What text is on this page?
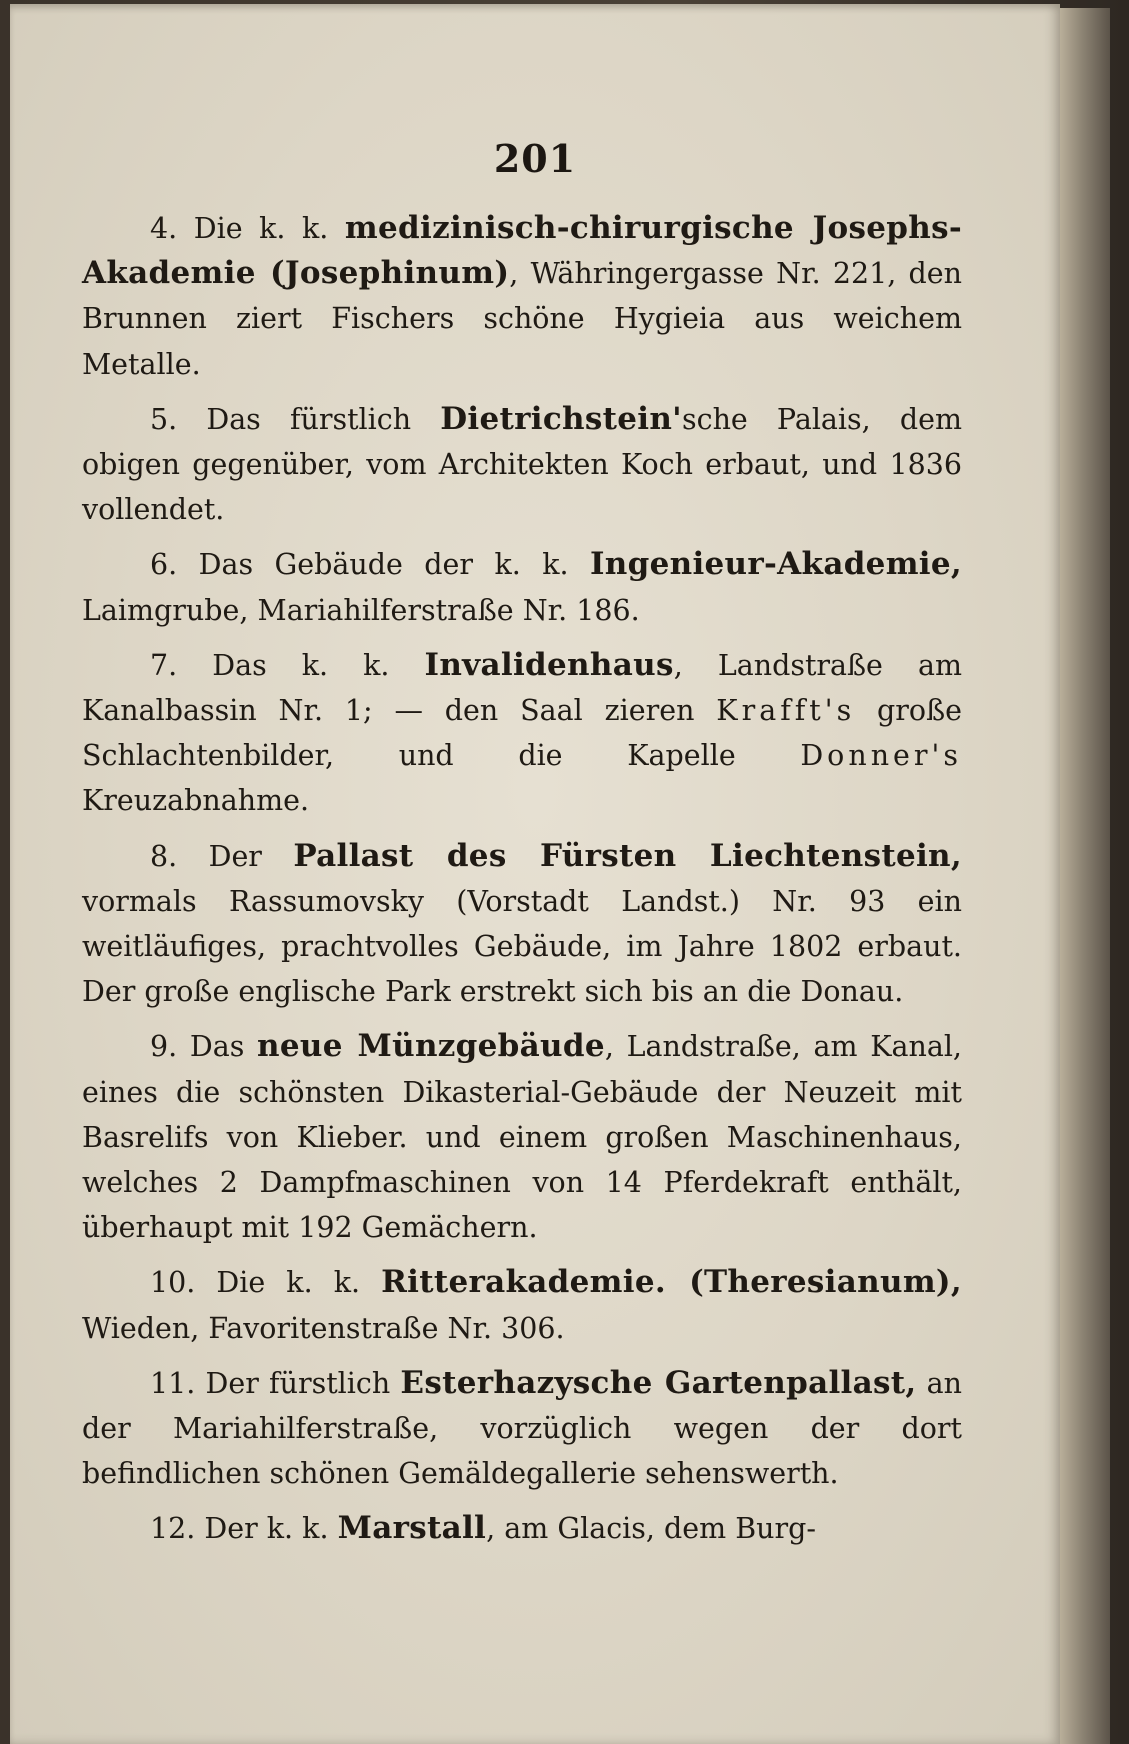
201

4. Die k. k. medizinisch-chirurgische Josephs-Akademie (Josephinum), Währingergasse Nr. 221, den Brunnen ziert Fischers schöne Hygieia aus weichem Metalle.

5. Das fürstlich Dietrichstein'sche Palais, dem obigen gegenüber, vom Architekten Koch erbaut, und 1836 vollendet.

6. Das Gebäude der k. k. Ingenieur-Akademie, Laimgrube, Mariahilferstraße Nr. 186.

7. Das k. k. Invalidenhaus, Landstraße am Kanalbassin Nr. 1; — den Saal zieren Krafft's große Schlachtenbilder, und die Kapelle Donner's Kreuzabnahme.

8. Der Pallast des Fürsten Liechtenstein, vormals Rassumovsky (Vorstadt Landst.) Nr. 93 ein weitläufiges, prachtvolles Gebäude, im Jahre 1802 erbaut. Der große englische Park erstrekt sich bis an die Donau.

9. Das neue Münzgebäude, Landstraße, am Kanal, eines die schönsten Dikasterial-Gebäude der Neuzeit mit Basrelifs von Klieber. und einem großen Maschinenhaus, welches 2 Dampfmaschinen von 14 Pferdekraft enthält, überhaupt mit 192 Gemächern.

10. Die k. k. Ritterakademie. (Theresianum), Wieden, Favoritenstraße Nr. 306.

11. Der fürstlich Esterhazysche Gartenpallast, an der Mariahilferstraße, vorzüglich wegen der dort befindlichen schönen Gemäldegallerie sehenswerth.

12. Der k. k. Marstall, am Glacis, dem Burg-
